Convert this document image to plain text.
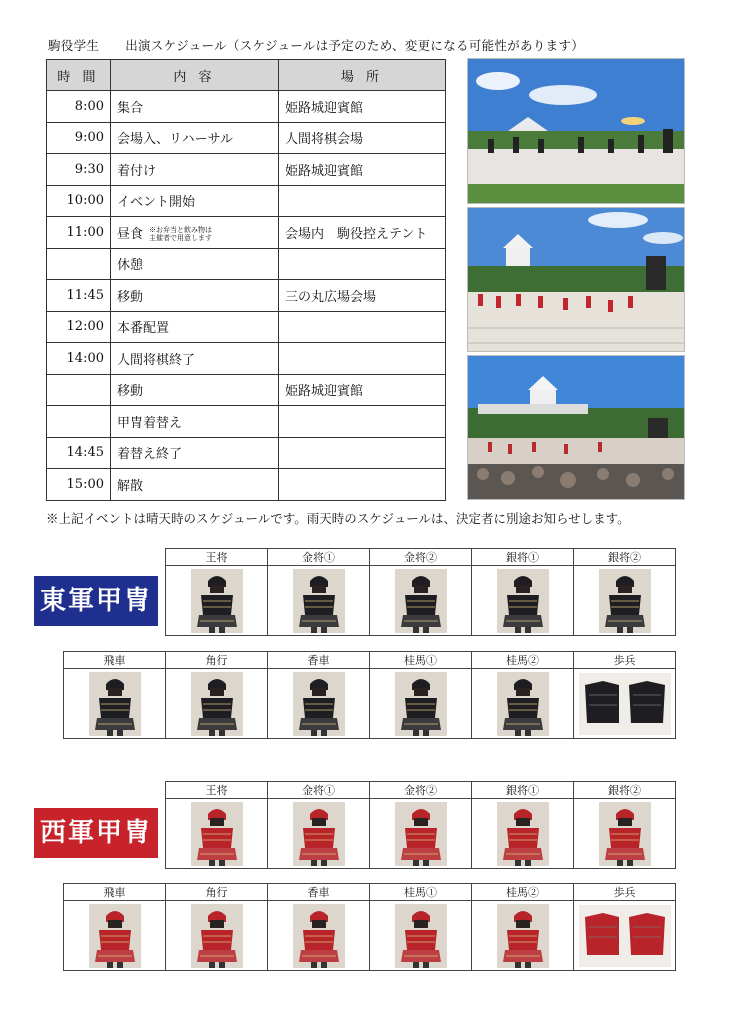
駒役学生 出演スケジュール（スケジュールは予定のため、変更になる可能性があります）
時 間	内 容	場 所
8:00	集合	姫路城迎賓館
9:00	会場入、リハーサル	人間将棋会場
9:30	着付け	姫路城迎賓館
10:00	イベント開始	
11:00	昼食 ※お弁当と飲み物は
主催者で用意します	会場内　駒役控えテント
	休憩	
11:45	移動	三の丸広場会場
12:00	本番配置	
14:00	人間将棋終了	
	移動	姫路城迎賓館
	甲冑着替え	
14:45	着替え終了	
15:00	解散	
※上記イベントは晴天時のスケジュールです。雨天時のスケジュールは、決定者に別途お知らせします。
東軍甲冑
王将	金将①	金将②	銀将①	銀将②

飛車	角行	香車	桂馬①	桂馬②	歩兵

西軍甲冑
王将	金将①	金将②	銀将①	銀将②

飛車	角行	香車	桂馬①	桂馬②	歩兵
